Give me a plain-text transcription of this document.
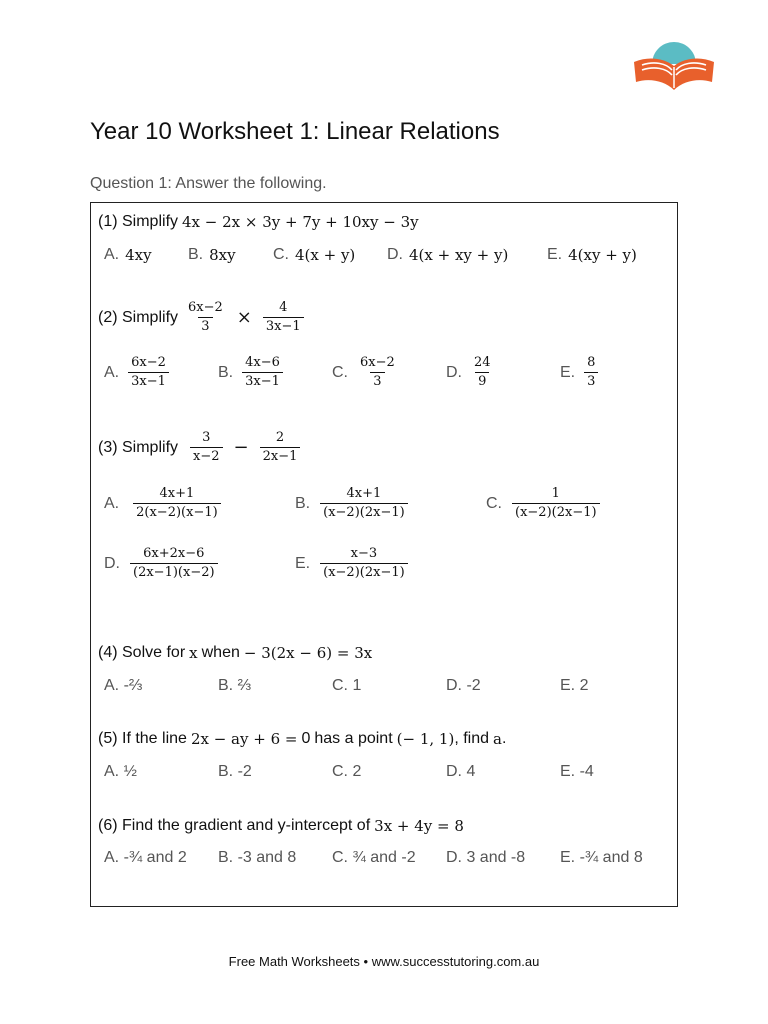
Year 10 Worksheet 1: Linear Relations
Question 1: Answer the following.
(1) Simplify 4x − 2x × 3y + 7y + 10xy − 3y
A. 4xy B. 8xy C. 4(x + y) D. 4(x + xy + y) E. 4(xy + y)
(2) Simplify $\frac{6x-2}{3} \times \frac{4}{3x-1}$
A. $\frac{6x-2}{3x-1}$	B. $\frac{4x-6}{3x-1}$	C. $\frac{6x-2}{3}$	D. $\frac{24}{9}$	E. $\frac{8}{3}$
(3) Simplify $\frac{3}{x-2} - \frac{2}{2x-1}$
A. $\frac{4x+1}{2(x-2)(x-1)}$	B. $\frac{4x+1}{(x-2)(2x-1)}$	C. $\frac{1}{(x-2)(2x-1)}$
D. $\frac{6x+2x-6}{(2x-1)(x-2)}$	E. $\frac{x-3}{(x-2)(2x-1)}$
(4) Solve for x when − 3(2x − 6) = 3x
A. -⅔	B. ⅔	C. 1	D. -2	E. 2
(5) If the line 2x − ay + 6 = 0 has a point (− 1, 1) , find a .
A. ½	B. -2	C. 2	D. 4	E. -4
(6) Find the gradient and y-intercept of 3x + 4y = 8
A. -¾ and 2 B. -3 and 8 C. ¾ and -2 D. 3 and -8 E. -¾ and 8
Free Math Worksheets • www.successtutoring.com.au
